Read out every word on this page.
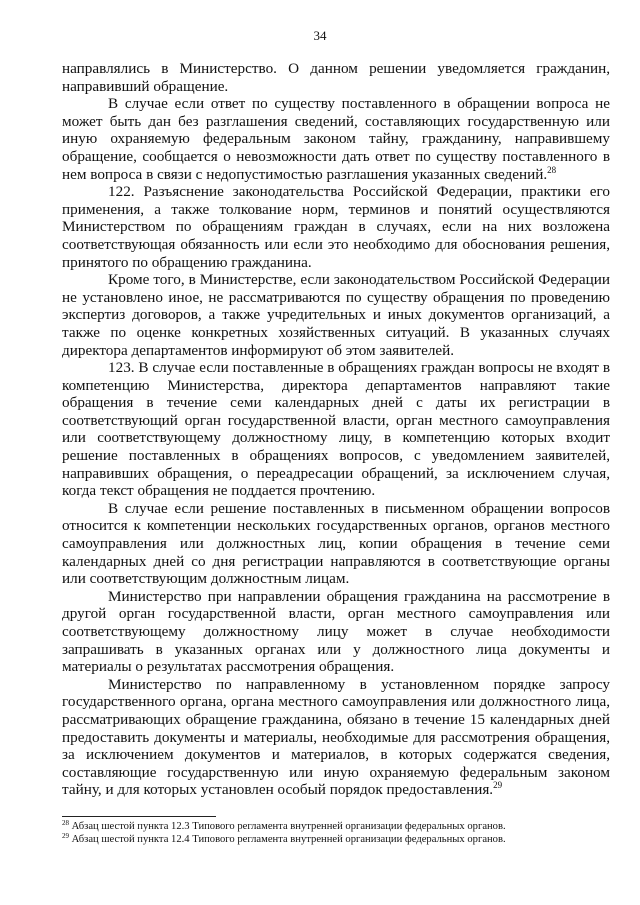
34

направлялись в Министерство. О данном решении уведомляется гражданин, направивший обращение.

В случае если ответ по существу поставленного в обращении вопроса не может быть дан без разглашения сведений, составляющих государственную или иную охраняемую федеральным законом тайну, гражданину, направившему обращение, сообщается о невозможности дать ответ по существу поставленного в нем вопроса в связи с недопустимостью разглашения указанных сведений.$^{28}$

122. Разъяснение законодательства Российской Федерации, практики его применения, а также толкование норм, терминов и понятий осуществляются Министерством по обращениям граждан в случаях, если на них возложена соответствующая обязанность или если это необходимо для обоснования решения, принятого по обращению гражданина.

Кроме того, в Министерстве, если законодательством Российской Федерации не установлено иное, не рассматриваются по существу обращения по проведению экспертиз договоров, а также учредительных и иных документов организаций, а также по оценке конкретных хозяйственных ситуаций. В указанных случаях директора департаментов информируют об этом заявителей.

123. В случае если поставленные в обращениях граждан вопросы не входят в компетенцию Министерства, директора департаментов направляют такие обращения в течение семи календарных дней с даты их регистрации в соответствующий орган государственной власти, орган местного самоуправления или соответствующему должностному лицу, в компетенцию которых входит решение поставленных в обращениях вопросов, с уведомлением заявителей, направивших обращения, о переадресации обращений, за исключением случая, когда текст обращения не поддается прочтению.

В случае если решение поставленных в письменном обращении вопросов относится к компетенции нескольких государственных органов, органов местного самоуправления или должностных лиц, копии обращения в течение семи календарных дней со дня регистрации направляются в соответствующие органы или соответствующим должностным лицам.

Министерство при направлении обращения гражданина на рассмотрение в другой орган государственной власти, орган местного самоуправления или соответствующему должностному лицу может в случае необходимости запрашивать в указанных органах или у должностного лица документы и материалы о результатах рассмотрения обращения.

Министерство по направленному в установленном порядке запросу государственного органа, органа местного самоуправления или должностного лица, рассматривающих обращение гражданина, обязано в течение 15 календарных дней предоставить документы и материалы, необходимые для рассмотрения обращения, за исключением документов и материалов, в которых содержатся сведения, составляющие государственную или иную охраняемую федеральным законом тайну, и для которых установлен особый порядок предоставления.$^{29}$

$^{28}$ Абзац шестой пункта 12.3 Типового регламента внутренней организации федеральных органов.
$^{29}$ Абзац шестой пункта 12.4 Типового регламента внутренней организации федеральных органов.
